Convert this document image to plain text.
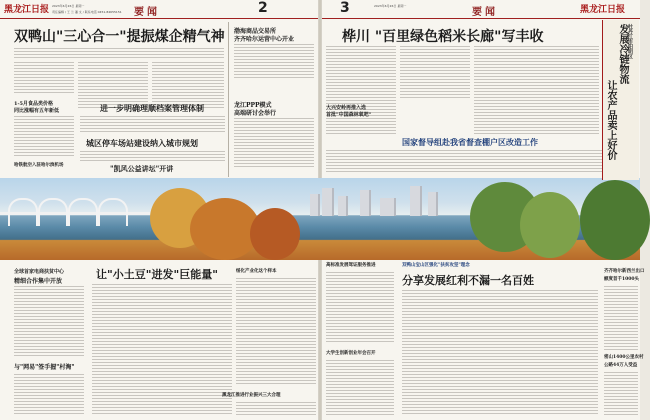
黑龙江日报 2023年6月26日 星期一
责任编辑 / 王 兰 潘 文 / 联系电话 0451-84655151 要闻	2
双鸭山"三心合一"提振煤企精气神 渤海商品交易所
齐齐哈尔运营中心开业
1-5月食品类价格
同比涨幅有五年新低	进一步明确理顺档案管理体制	龙江PPP模式
高端研讨会举行
城区停车场站建设纳入城市规划
哈铁航空入驻哈尔滨机场	"凯风公益讲坛"开讲
全球首家电商扶贫中心
精细合作集中开放
与"网易"签手握"村淘"
让"小土豆"进发"巨能量"	绥化产业化这个样本
黑龙江推进行业振兴三大合理
3	2023年6月26日 星期一
要闻	黑龙江日报
桦川 "百里绿色稻米长廊"写丰收
大兴安岭再推入选
首批"中国森林氧吧"
国家督导组赴我省督查棚户区改造工作
高标准发展驾证服务推进
大学生创新创业年会召开
双鸭山宝山区强化"扶贫攻坚"理念
分享发展红利不漏一名百姓
牡丹江市阳明区
发展冷链物流
让农产品卖上好价
齐齐哈尔新西兰出口
额度首千1000头
密山1400公里农村
公路44万人受益
